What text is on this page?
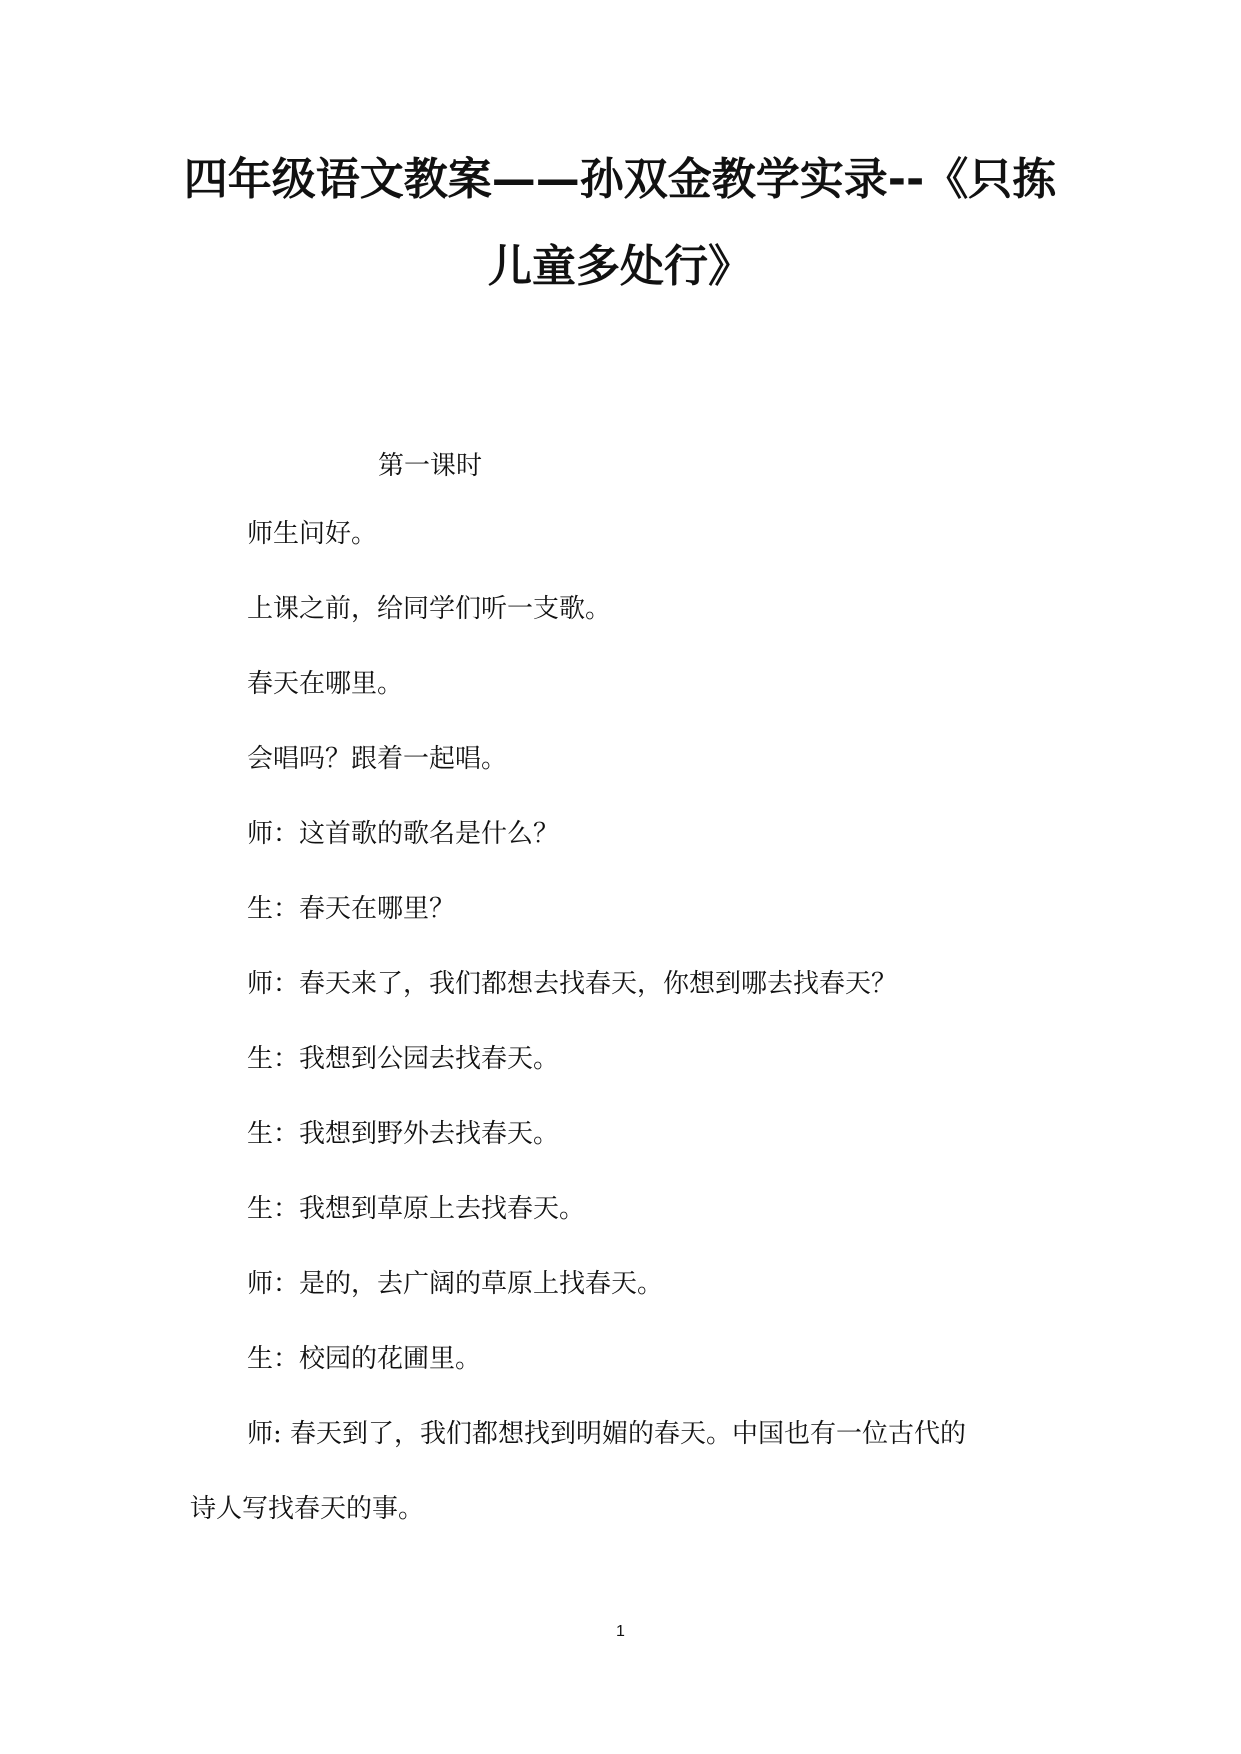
四年级语文教案——孙双金教学实录--《只拣
儿童多处行》
第一课时
师生问好。
上课之前，给同学们听一支歌。
春天在哪里。
会唱吗？跟着一起唱。
师：这首歌的歌名是什么？
生：春天在哪里？
师：春天来了，我们都想去找春天，你想到哪去找春天？
生：我想到公园去找春天。
生：我想到野外去找春天。
生：我想到草原上去找春天。
师：是的，去广阔的草原上找春天。
生：校园的花圃里。
师: 春天到了，我们都想找到明媚的春天。中国也有一位古代的
诗人写找春天的事。
1
